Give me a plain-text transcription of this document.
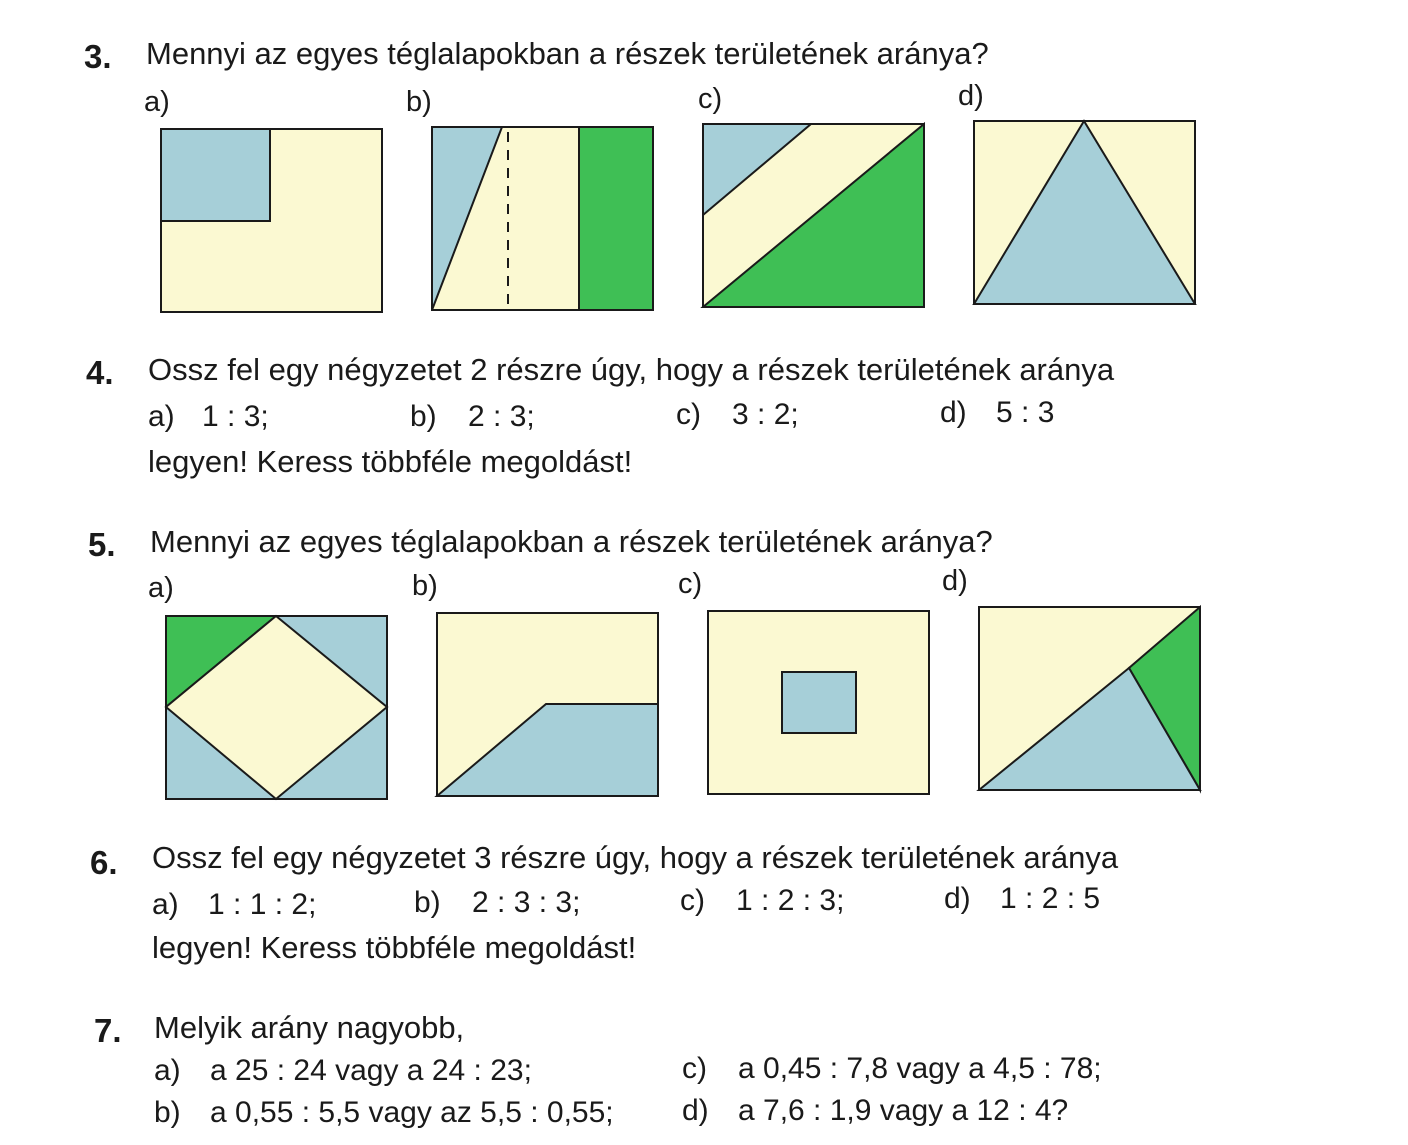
3. Mennyi az egyes téglalapokban a részek területének aránya?
a)	b)	c)	d)
4. Ossz fel egy négyzetet 2 részre úgy, hogy a részek területének aránya
a) 1 : 3;	b) 2 : 3;	c) 3 : 2;	d) 5 : 3
legyen! Keress többféle megoldást!
5. Mennyi az egyes téglalapokban a részek területének aránya?
a)	b)	c)	d)
6. Ossz fel egy négyzetet 3 részre úgy, hogy a részek területének aránya
a) 1 : 1 : 2;	b) 2 : 3 : 3;	c) 1 : 2 : 3;	d) 1 : 2 : 5
legyen! Keress többféle megoldást!
7. Melyik arány nagyobb,
a) a 25 : 24 vagy a 24 : 23;	c) a 0,45 : 7,8 vagy a 4,5 : 78;
b) a 0,55 : 5,5 vagy az 5,5 : 0,55; d) a 7,6 : 1,9 vagy a 12 : 4?
